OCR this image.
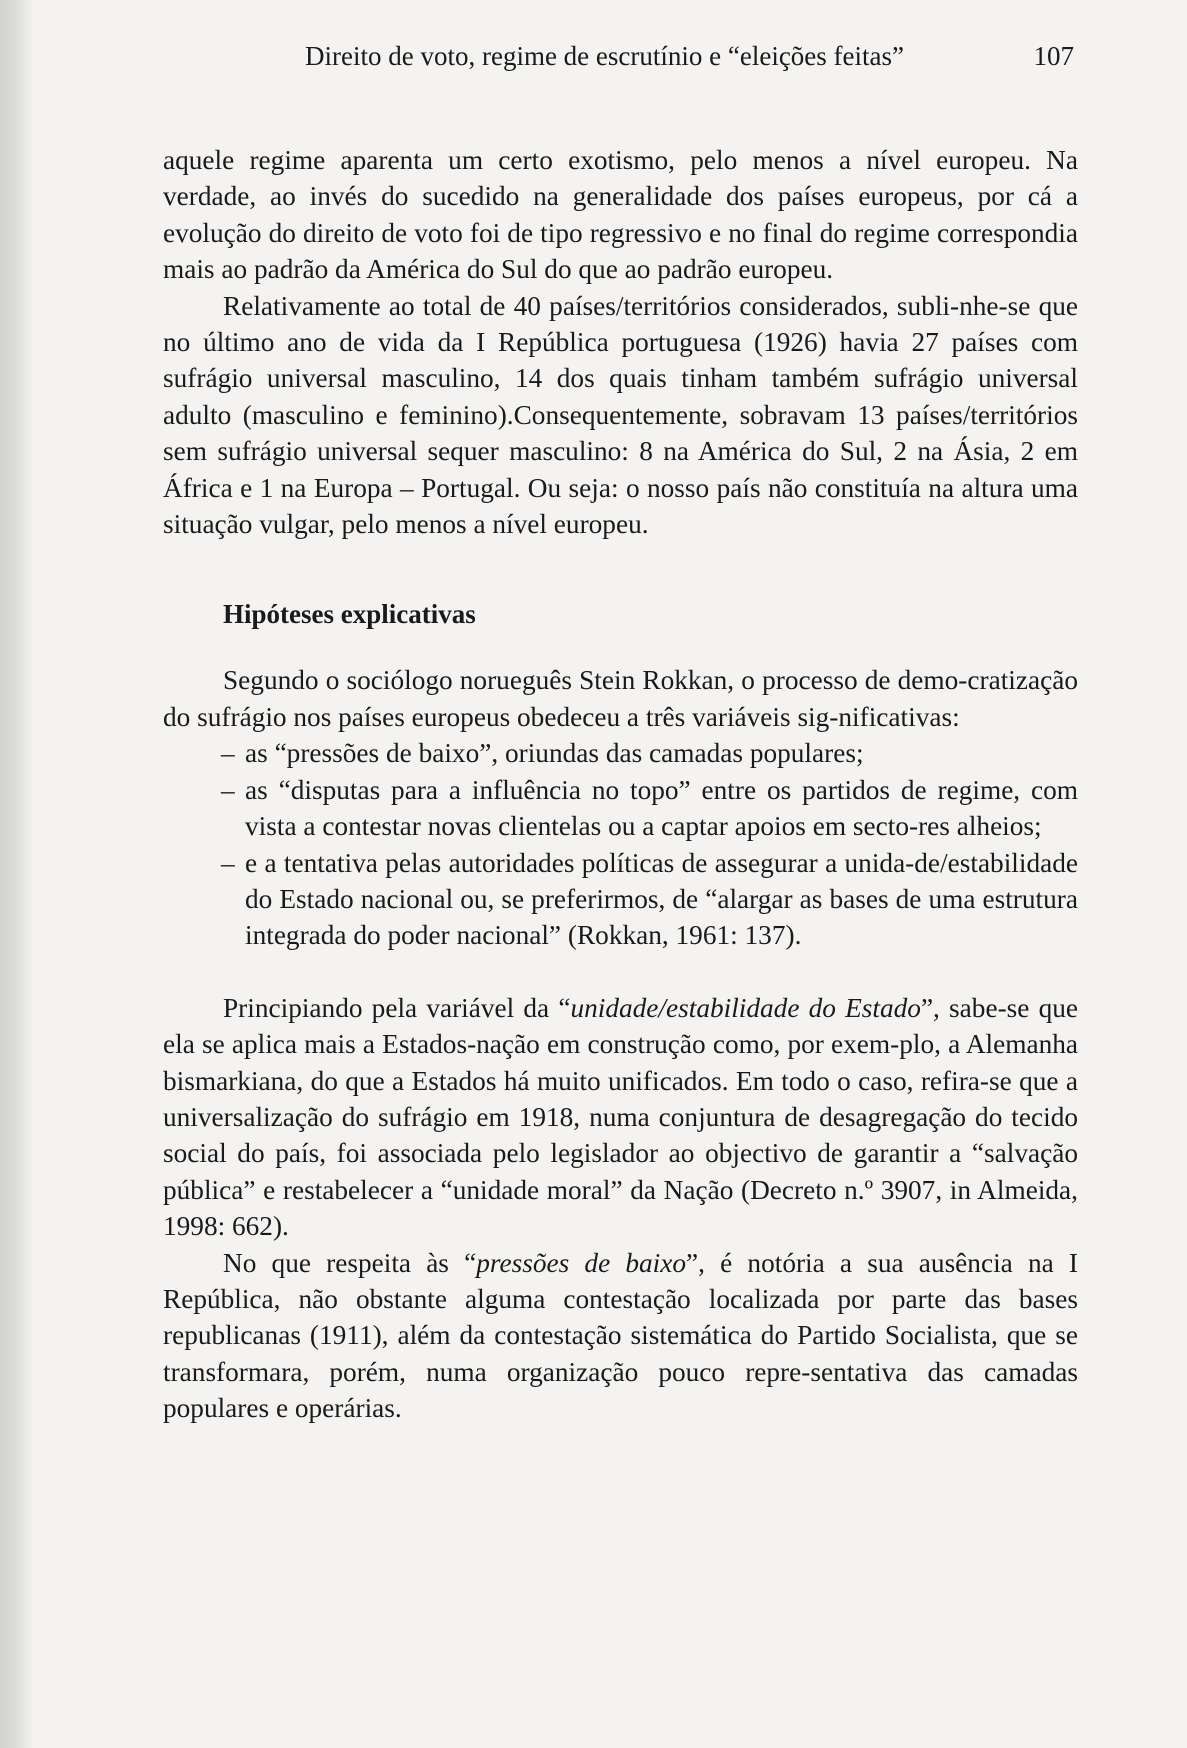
Direito de voto, regime de escrutínio e “eleições feitas”	107

aquele regime aparenta um certo exotismo, pelo menos a nível europeu. Na verdade, ao invés do sucedido na generalidade dos países europeus, por cá a evolução do direito de voto foi de tipo regressivo e no final do regime correspondia mais ao padrão da América do Sul do que ao padrão europeu.

Relativamente ao total de 40 países/territórios considerados, subli-nhe-se que no último ano de vida da I República portuguesa (1926) havia 27 países com sufrágio universal masculino, 14 dos quais tinham também sufrágio universal adulto (masculino e feminino).Consequentemente, sobravam 13 países/territórios sem sufrágio universal sequer masculino: 8 na América do Sul, 2 na Ásia, 2 em África e 1 na Europa – Portugal. Ou seja: o nosso país não constituía na altura uma situação vulgar, pelo menos a nível europeu.

Hipóteses explicativas

Segundo o sociólogo norueguês Stein Rokkan, o processo de demo-cratização do sufrágio nos países europeus obedeceu a três variáveis sig-nificativas:

– as “pressões de baixo”, oriundas das camadas populares;
– as “disputas para a influência no topo” entre os partidos de regime, com vista a contestar novas clientelas ou a captar apoios em secto-res alheios;
– e a tentativa pelas autoridades políticas de assegurar a unida-de/estabilidade do Estado nacional ou, se preferirmos, de “alargar as bases de uma estrutura integrada do poder nacional” (Rokkan, 1961: 137).

Principiando pela variável da “unidade/estabilidade do Estado”, sabe-se que ela se aplica mais a Estados-nação em construção como, por exem-plo, a Alemanha bismarkiana, do que a Estados há muito unificados. Em todo o caso, refira-se que a universalização do sufrágio em 1918, numa conjuntura de desagregação do tecido social do país, foi associada pelo legislador ao objectivo de garantir a “salvação pública” e restabelecer a “unidade moral” da Nação (Decreto n.º 3907, in Almeida, 1998: 662).

No que respeita às “pressões de baixo”, é notória a sua ausência na I República, não obstante alguma contestação localizada por parte das bases republicanas (1911), além da contestação sistemática do Partido Socialista, que se transformara, porém, numa organização pouco repre-sentativa das camadas populares e operárias.
